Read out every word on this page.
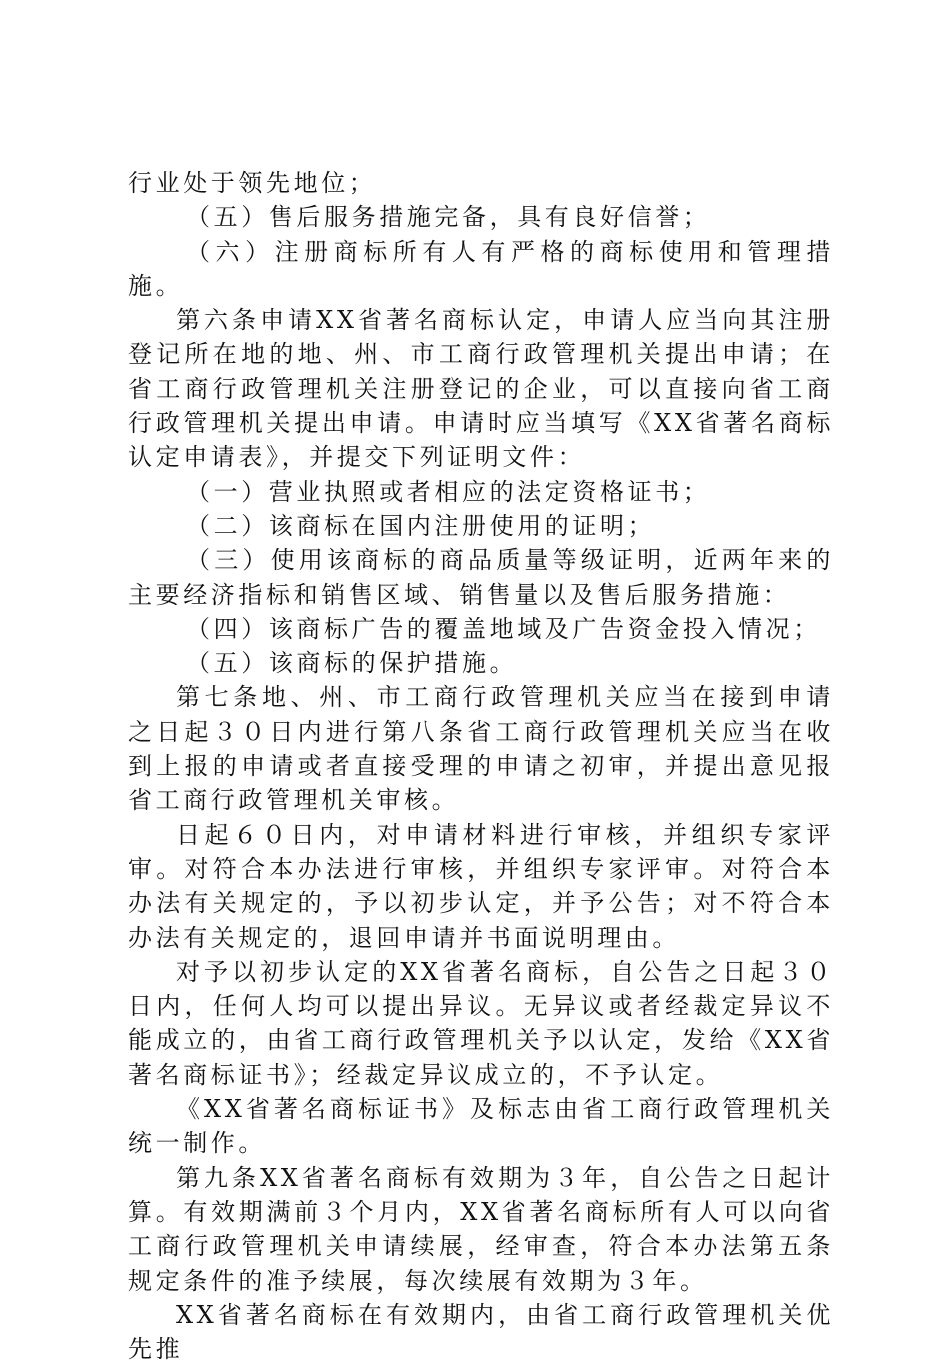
行业处于领先地位；

（五）售后服务措施完备，具有良好信誉；

（六）注册商标所有人有严格的商标使用和管理措施。

第六条申请XX省著名商标认定，申请人应当向其注册登记所在地的地、州、市工商行政管理机关提出申请；在省工商行政管理机关注册登记的企业，可以直接向省工商行政管理机关提出申请。申请时应当填写《XX省著名商标认定申请表》，并提交下列证明文件：

（一）营业执照或者相应的法定资格证书；

（二）该商标在国内注册使用的证明；

（三）使用该商标的商品质量等级证明，近两年来的主要经济指标和销售区域、销售量以及售后服务措施：

（四）该商标广告的覆盖地域及广告资金投入情况；

（五）该商标的保护措施。

第七条地、州、市工商行政管理机关应当在接到申请之日起３０日内进行第八条省工商行政管理机关应当在收到上报的申请或者直接受理的申请之初审，并提出意见报省工商行政管理机关审核。

日起６０日内，对申请材料进行审核，并组织专家评审。对符合本办法进行审核，并组织专家评审。对符合本办法有关规定的，予以初步认定，并予公告；对不符合本办法有关规定的，退回申请并书面说明理由。

对予以初步认定的XX省著名商标，自公告之日起３０日内，任何人均可以提出异议。无异议或者经裁定异议不能成立的，由省工商行政管理机关予以认定，发给《XX省著名商标证书》；经裁定异议成立的，不予认定。

《XX省著名商标证书》及标志由省工商行政管理机关统一制作。

第九条XX省著名商标有效期为３年，自公告之日起计算。有效期满前３个月内，XX省著名商标所有人可以向省工商行政管理机关申请续展，经审查，符合本办法第五条规定条件的准予续展，每次续展有效期为３年。

XX省著名商标在有效期内，由省工商行政管理机关优先推
